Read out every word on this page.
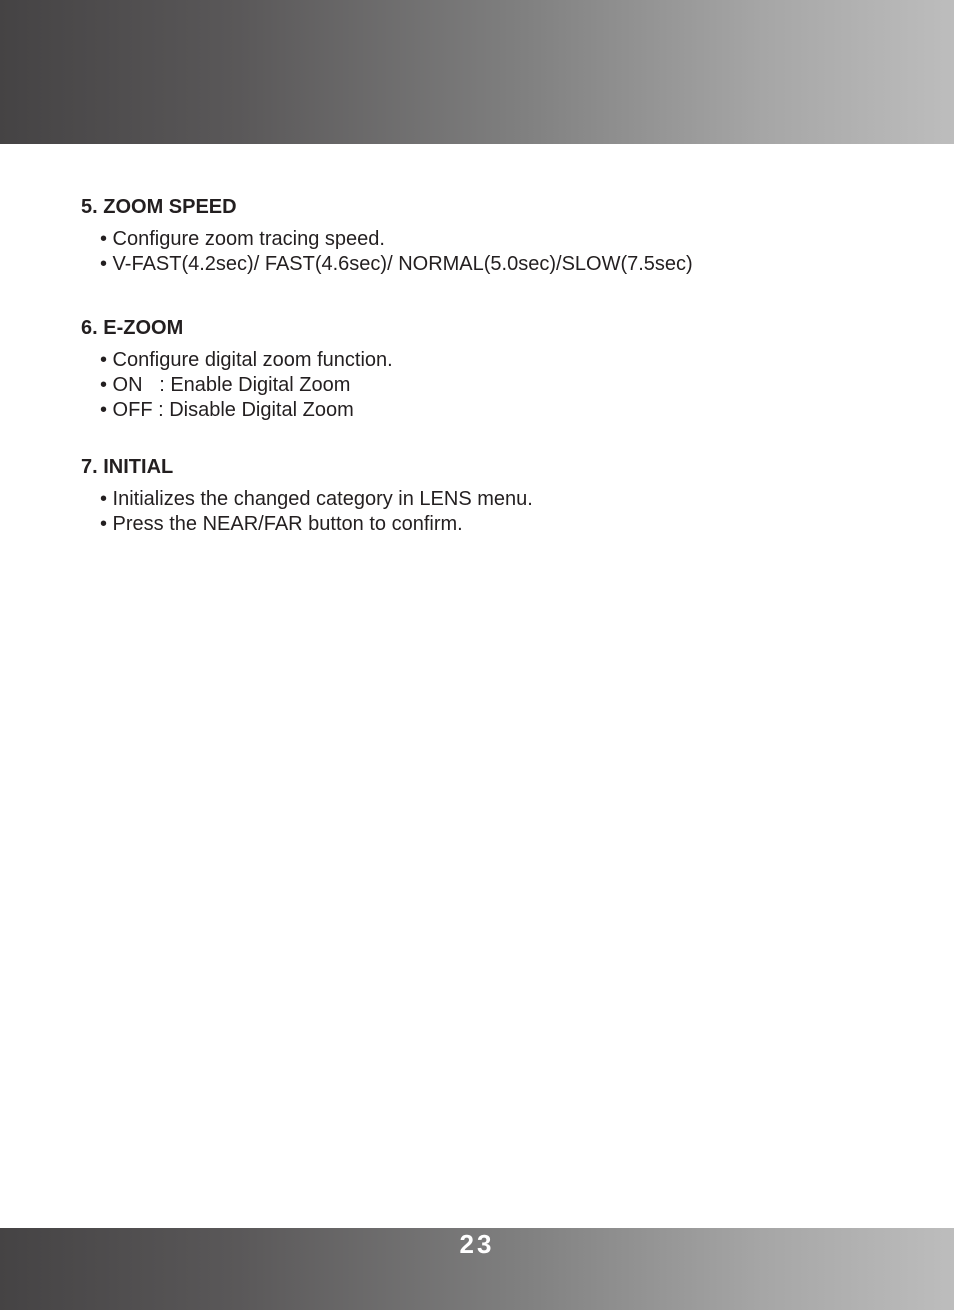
5. ZOOM SPEED
• Configure zoom tracing speed.
• V-FAST(4.2sec)/ FAST(4.6sec)/ NORMAL(5.0sec)/SLOW(7.5sec)
6. E-ZOOM
• Configure digital zoom function.
• ON   : Enable Digital Zoom
• OFF : Disable Digital Zoom
7. INITIAL
• Initializes the changed category in LENS menu.
• Press the NEAR/FAR button to confirm.
23
